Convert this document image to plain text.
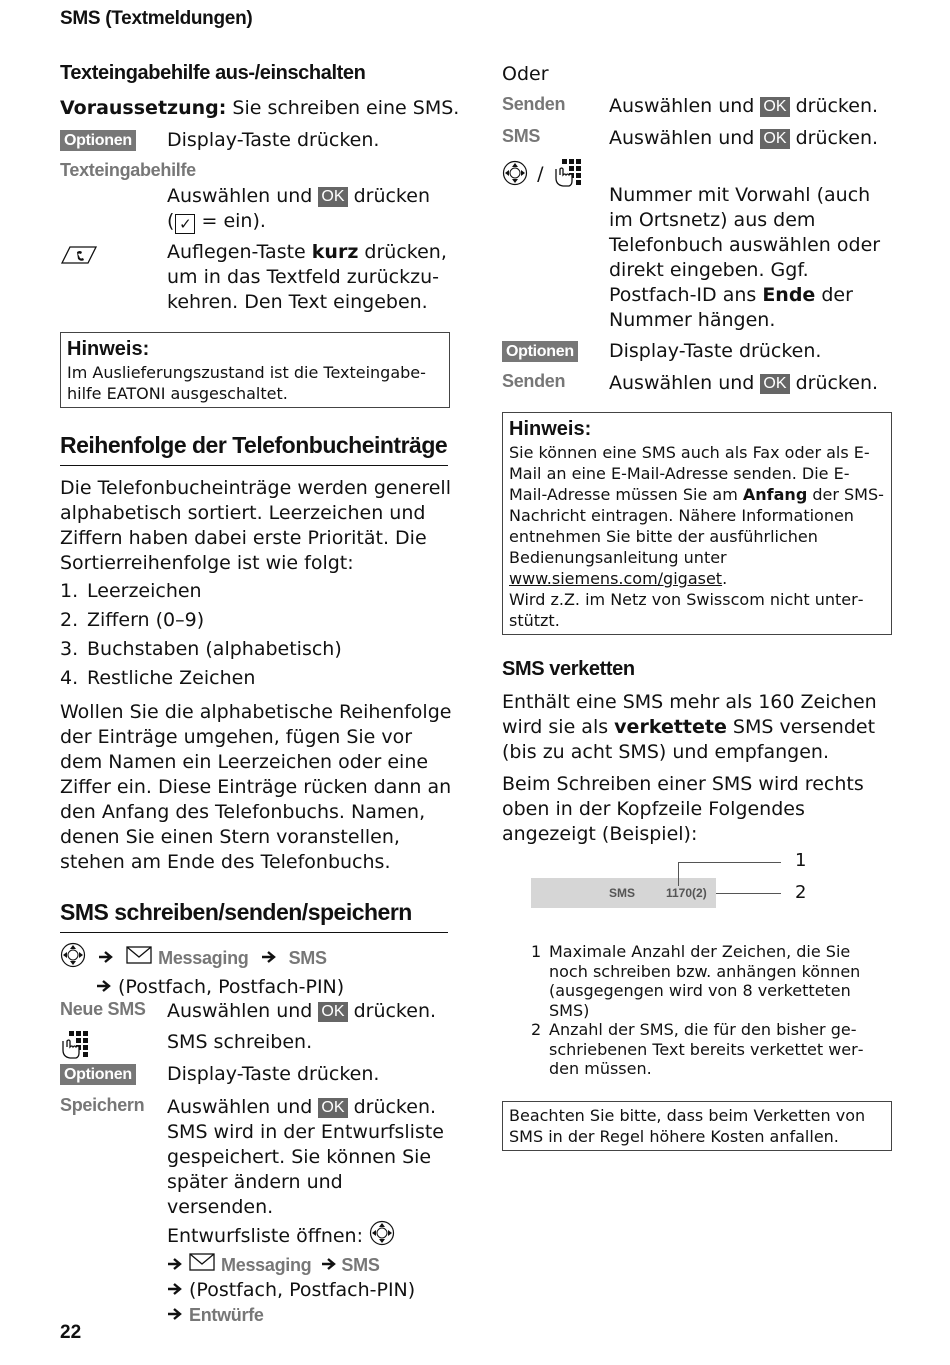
SMS (Textmeldungen)
Texteingabehilfe aus-/einschalten
Voraussetzung: Sie schreiben eine SMS.
Optionen Display-Taste drücken.
Texteingabehilfe
Auswählen und OK drücken
( ✓ = ein).
Auflegen-Taste kurz drücken, um in das Textfeld zurückzukehren. Den Text eingeben.
Hinweis:
Im Auslieferungszustand ist die Texteingabehilfe EATONI ausgeschaltet.
Reihenfolge der Telefonbucheinträge
Die Telefonbucheinträge werden generell alphabetisch sortiert. Leerzeichen und Ziffern haben dabei erste Priorität. Die Sortierreihenfolge ist wie folgt:
1. Leerzeichen
2. Ziffern (0–9)
3. Buchstaben (alphabetisch)
4. Restliche Zeichen
Wollen Sie die alphabetische Reihenfolge der Einträge umgehen, fügen Sie vor dem Namen ein Leerzeichen oder eine Ziffer ein. Diese Einträge rücken dann an den Anfang des Telefonbuchs. Namen, denen Sie einen Stern voranstellen, stehen am Ende des Telefonbuchs.
SMS schreiben/senden/speichern
Messaging SMS
(Postfach, Postfach-PIN)
Neue SMS Auswählen und OK drücken.
SMS schreiben.
Optionen Display-Taste drücken.
Speichern Auswählen und OK drücken. SMS wird in der Entwurfsliste gespeichert. Sie können Sie später ändern und versenden.
Entwurfsliste öffnen:
Messaging SMS
(Postfach, Postfach-PIN)
Entwürfe
Oder
Senden Auswählen und OK drücken.
SMS	Auswählen und OK drücken.
/
Nummer mit Vorwahl (auch im Ortsnetz) aus dem Telefonbuch auswählen oder direkt eingeben. Ggf. Postfach-ID ans Ende der Nummer hängen.
Optionen Display-Taste drücken.
Senden Auswählen und OK drücken.
Hinweis:
Sie können eine SMS auch als Fax oder als E-Mail an eine E-Mail-Adresse senden. Die E-Mail-Adresse müssen Sie am Anfang der SMS-Nachricht eintragen. Nähere Informationen entnehmen Sie bitte der ausführlichen Bedienungsanleitung unter www.siemens.com/gigaset.
Wird z.Z. im Netz von Swisscom nicht unterstützt.
SMS verketten
Enthält eine SMS mehr als 160 Zeichen wird sie als verkettete SMS versendet (bis zu acht SMS) und empfangen.
Beim Schreiben einer SMS wird rechts oben in der Kopfzeile Folgendes angezeigt (Beispiel):
SMS	1170(2)
1
2
1 Maximale Anzahl der Zeichen, die Sie noch schreiben bzw. anhängen können (ausgegengen wird von 8 verketteten SMS)
2 Anzahl der SMS, die für den bisher geschriebenen Text bereits verkettet werden müssen.
Beachten Sie bitte, dass beim Verketten von SMS in der Regel höhere Kosten anfallen.
22
